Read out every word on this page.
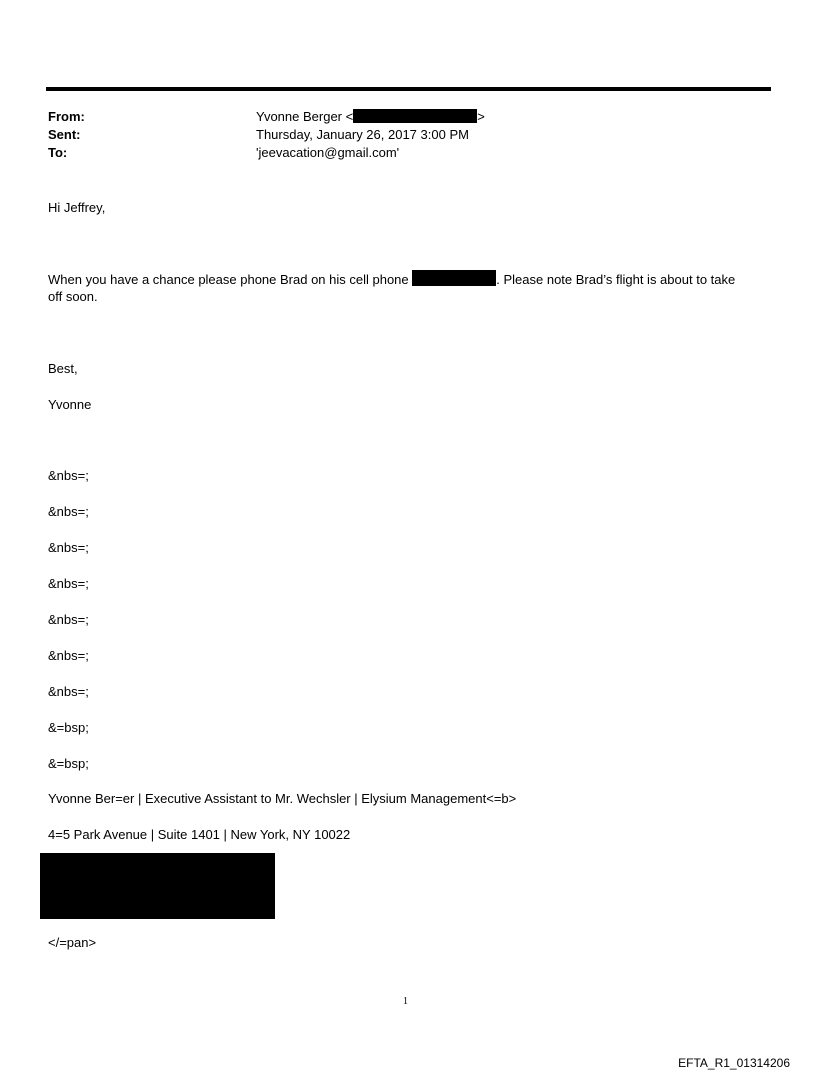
From:	Yvonne Berger <	>
Sent:	Thursday, January 26, 2017 3:00 PM
To:	'jeevacation@gmail.com'
Hi Jeffrey,
When you have a chance please phone Brad on his cell phone	. Please note Brad’s flight is about to take
off soon.
Best,
Yvonne
&nbs=;
&nbs=;
&nbs=;
&nbs=;
&nbs=;
&nbs=;
&nbs=;
&=bsp;
&=bsp;
Yvonne Ber=er | Executive Assistant to Mr. Wechsler | Elysium Management<=b>
4=5 Park Avenue | Suite 1401 | New York, NY 10022
</=pan>
1
EFTA_R1_01314206
